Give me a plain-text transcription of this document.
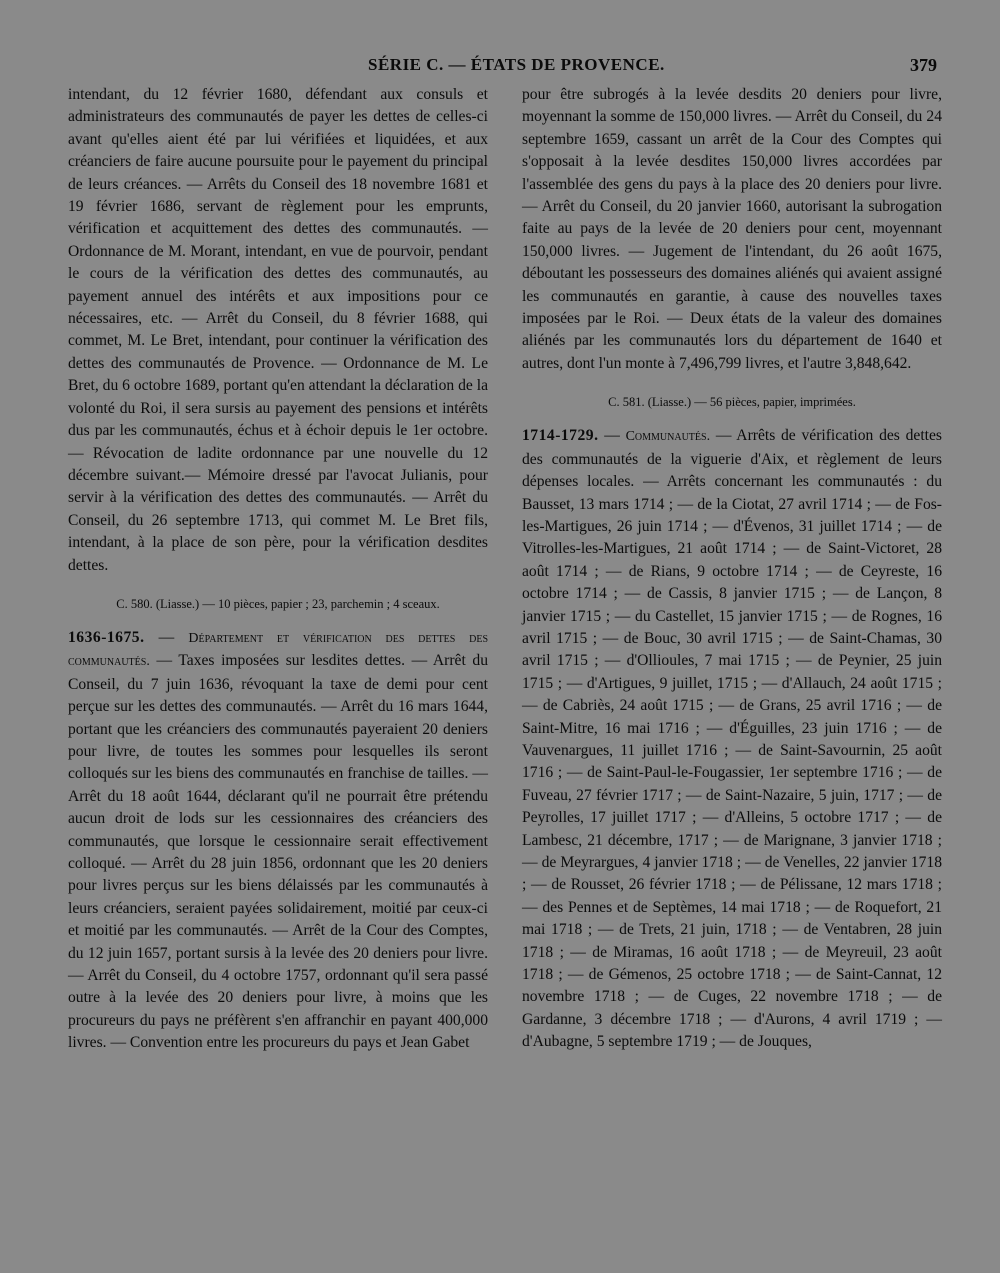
SÉRIE C. — ÉTATS DE PROVENCE.	379

intendant, du 12 février 1680, défendant aux consuls et administrateurs des communautés de payer les dettes de celles-ci avant qu'elles aient été par lui vérifiées et liquidées, et aux créanciers de faire aucune poursuite pour le payement du principal de leurs créances. — Arrêts du Conseil des 18 novembre 1681 et 19 février 1686, servant de règlement pour les emprunts, vérification et acquittement des dettes des communautés. — Ordonnance de M. Morant, intendant, en vue de pourvoir, pendant le cours de la vérification des dettes des communautés, au payement annuel des intérêts et aux impositions pour ce nécessaires, etc. — Arrêt du Conseil, du 8 février 1688, qui commet, M. Le Bret, intendant, pour continuer la vérification des dettes des communautés de Provence. — Ordonnance de M. Le Bret, du 6 octobre 1689, portant qu'en attendant la déclaration de la volonté du Roi, il sera sursis au payement des pensions et intérêts dus par les communautés, échus et à échoir depuis le 1er octobre. — Révocation de ladite ordonnance par une nouvelle du 12 décembre suivant.— Mémoire dressé par l'avocat Julianis, pour servir à la vérification des dettes des communautés. — Arrêt du Conseil, du 26 septembre 1713, qui commet M. Le Bret fils, intendant, à la place de son père, pour la vérification desdites dettes.

C. 580. (Liasse.) — 10 pièces, papier ; 23, parchemin ; 4 sceaux.

1636-1675. — Département et vérification des dettes des communautés. — Taxes imposées sur lesdites dettes. — Arrêt du Conseil, du 7 juin 1636, révoquant la taxe de demi pour cent perçue sur les dettes des communautés. — Arrêt du 16 mars 1644, portant que les créanciers des communautés payeraient 20 deniers pour livre, de toutes les sommes pour lesquelles ils seront colloqués sur les biens des communautés en franchise de tailles. — Arrêt du 18 août 1644, déclarant qu'il ne pourrait être prétendu aucun droit de lods sur les cessionnaires des créanciers des communautés, que lorsque le cessionnaire serait effectivement colloqué. — Arrêt du 28 juin 1856, ordonnant que les 20 deniers pour livres perçus sur les biens délaissés par les communautés à leurs créanciers, seraient payées solidairement, moitié par ceux-ci et moitié par les communautés. — Arrêt de la Cour des Comptes, du 12 juin 1657, portant sursis à la levée des 20 deniers pour livre. — Arrêt du Conseil, du 4 octobre 1757, ordonnant qu'il sera passé outre à la levée des 20 deniers pour livre, à moins que les procureurs du pays ne préfèrent s'en affranchir en payant 400,000 livres. — Convention entre les procureurs du pays et Jean Gabet

pour être subrogés à la levée desdits 20 deniers pour livre, moyennant la somme de 150,000 livres. — Arrêt du Conseil, du 24 septembre 1659, cassant un arrêt de la Cour des Comptes qui s'opposait à la levée desdites 150,000 livres accordées par l'assemblée des gens du pays à la place des 20 deniers pour livre. — Arrêt du Conseil, du 20 janvier 1660, autorisant la subrogation faite au pays de la levée de 20 deniers pour cent, moyennant 150,000 livres. — Jugement de l'intendant, du 26 août 1675, déboutant les possesseurs des domaines aliénés qui avaient assigné les communautés en garantie, à cause des nouvelles taxes imposées par le Roi. — Deux états de la valeur des domaines aliénés par les communautés lors du département de 1640 et autres, dont l'un monte à 7,496,799 livres, et l'autre 3,848,642.

C. 581. (Liasse.) — 56 pièces, papier, imprimées.

1714-1729. — Communautés. — Arrêts de vérification des dettes des communautés de la viguerie d'Aix, et règlement de leurs dépenses locales. — Arrêts concernant les communautés : du Bausset, 13 mars 1714 ; — de la Ciotat, 27 avril 1714 ; — de Fos-les-Martigues, 26 juin 1714 ; — d'Évenos, 31 juillet 1714 ; — de Vitrolles-les-Martigues, 21 août 1714 ; — de Saint-Victoret, 28 août 1714 ; — de Rians, 9 octobre 1714 ; — de Ceyreste, 16 octobre 1714 ; — de Cassis, 8 janvier 1715 ; — de Lançon, 8 janvier 1715 ; — du Castellet, 15 janvier 1715 ; — de Rognes, 16 avril 1715 ; — de Bouc, 30 avril 1715 ; — de Saint-Chamas, 30 avril 1715 ; — d'Ollioules, 7 mai 1715 ; — de Peynier, 25 juin 1715 ; — d'Artigues, 9 juillet, 1715 ; — d'Allauch, 24 août 1715 ; — de Cabriès, 24 août 1715 ; — de Grans, 25 avril 1716 ; — de Saint-Mitre, 16 mai 1716 ; — d'Éguilles, 23 juin 1716 ; — de Vauvenargues, 11 juillet 1716 ; — de Saint-Savournin, 25 août 1716 ; — de Saint-Paul-le-Fougassier, 1er septembre 1716 ; — de Fuveau, 27 février 1717 ; — de Saint-Nazaire, 5 juin, 1717 ; — de Peyrolles, 17 juillet 1717 ; — d'Alleins, 5 octobre 1717 ; — de Lambesc, 21 décembre, 1717 ; — de Marignane, 3 janvier 1718 ; — de Meyrargues, 4 janvier 1718 ; — de Venelles, 22 janvier 1718 ; — de Rousset, 26 février 1718 ; — de Pélissane, 12 mars 1718 ; — des Pennes et de Septèmes, 14 mai 1718 ; — de Roquefort, 21 mai 1718 ; — de Trets, 21 juin, 1718 ; — de Ventabren, 28 juin 1718 ; — de Miramas, 16 août 1718 ; — de Meyreuil, 23 août 1718 ; — de Gémenos, 25 octobre 1718 ; — de Saint-Cannat, 12 novembre 1718 ; — de Cuges, 22 novembre 1718 ; — de Gardanne, 3 décembre 1718 ; — d'Aurons, 4 avril 1719 ; — d'Aubagne, 5 septembre 1719 ; — de Jouques,
